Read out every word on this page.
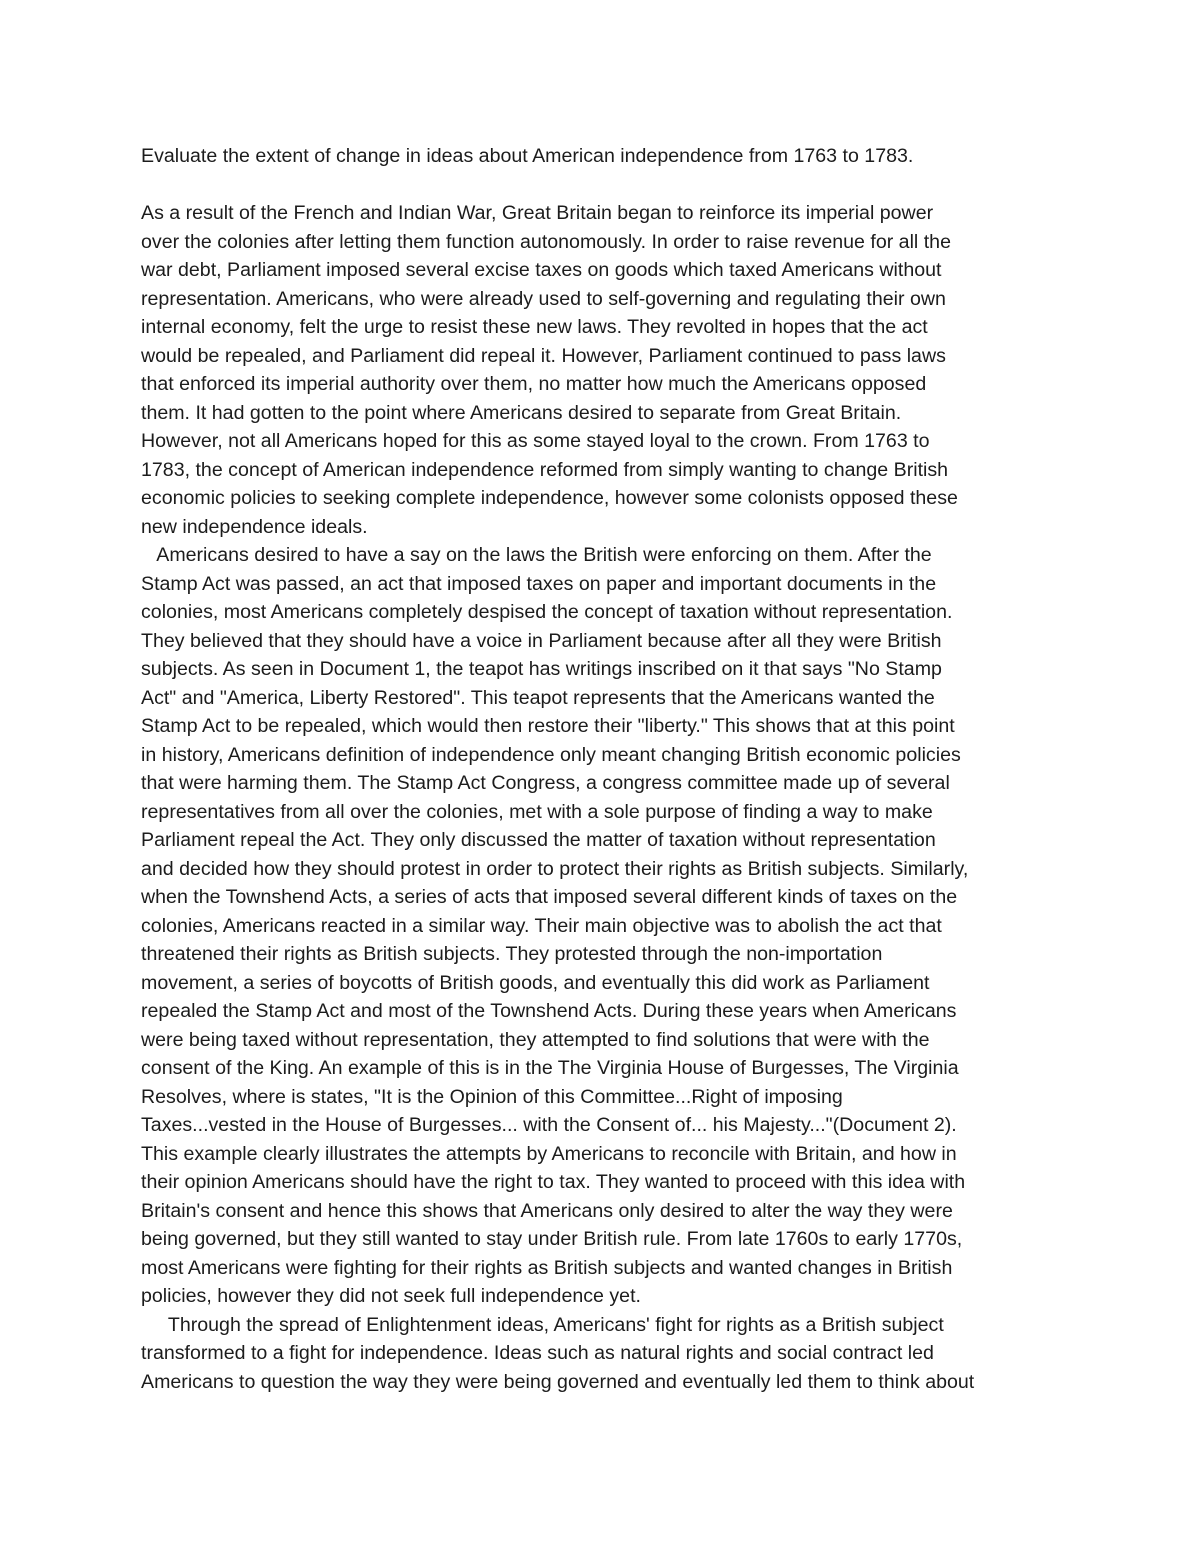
Evaluate the extent of change in ideas about American independence from 1763 to 1783.
As a result of the French and Indian War, Great Britain began to reinforce its imperial power
over the colonies after letting them function autonomously. In order to raise revenue for all the
war debt, Parliament imposed several excise taxes on goods which taxed Americans without
representation. Americans, who were already used to self-governing and regulating their own
internal economy, felt the urge to resist these new laws. They revolted in hopes that the act
would be repealed, and Parliament did repeal it. However, Parliament continued to pass laws
that enforced its imperial authority over them, no matter how much the Americans opposed
them. It had gotten to the point where Americans desired to separate from Great Britain.
However, not all Americans hoped for this as some stayed loyal to the crown. From 1763 to
1783, the concept of American independence reformed from simply wanting to change British
economic policies to seeking complete independence, however some colonists opposed these
new independence ideals.
Americans desired to have a say on the laws the British were enforcing on them. After the
Stamp Act was passed, an act that imposed taxes on paper and important documents in the
colonies, most Americans completely despised the concept of taxation without representation.
They believed that they should have a voice in Parliament because after all they were British
subjects. As seen in Document 1, the teapot has writings inscribed on it that says "No Stamp
Act" and "America, Liberty Restored". This teapot represents that the Americans wanted the
Stamp Act to be repealed, which would then restore their "liberty." This shows that at this point
in history, Americans definition of independence only meant changing British economic policies
that were harming them. The Stamp Act Congress, a congress committee made up of several
representatives from all over the colonies, met with a sole purpose of finding a way to make
Parliament repeal the Act. They only discussed the matter of taxation without representation
and decided how they should protest in order to protect their rights as British subjects. Similarly,
when the Townshend Acts, a series of acts that imposed several different kinds of taxes on the
colonies, Americans reacted in a similar way. Their main objective was to abolish the act that
threatened their rights as British subjects. They protested through the non-importation
movement, a series of boycotts of British goods, and eventually this did work as Parliament
repealed the Stamp Act and most of the Townshend Acts. During these years when Americans
were being taxed without representation, they attempted to find solutions that were with the
consent of the King. An example of this is in the The Virginia House of Burgesses, The Virginia
Resolves, where is states, "It is the Opinion of this Committee...Right of imposing
Taxes...vested in the House of Burgesses... with the Consent of... his Majesty..."(Document 2).
This example clearly illustrates the attempts by Americans to reconcile with Britain, and how in
their opinion Americans should have the right to tax. They wanted to proceed with this idea with
Britain's consent and hence this shows that Americans only desired to alter the way they were
being governed, but they still wanted to stay under British rule. From late 1760s to early 1770s,
most Americans were fighting for their rights as British subjects and wanted changes in British
policies, however they did not seek full independence yet.
Through the spread of Enlightenment ideas, Americans' fight for rights as a British subject
transformed to a fight for independence. Ideas such as natural rights and social contract led
Americans to question the way they were being governed and eventually led them to think about
